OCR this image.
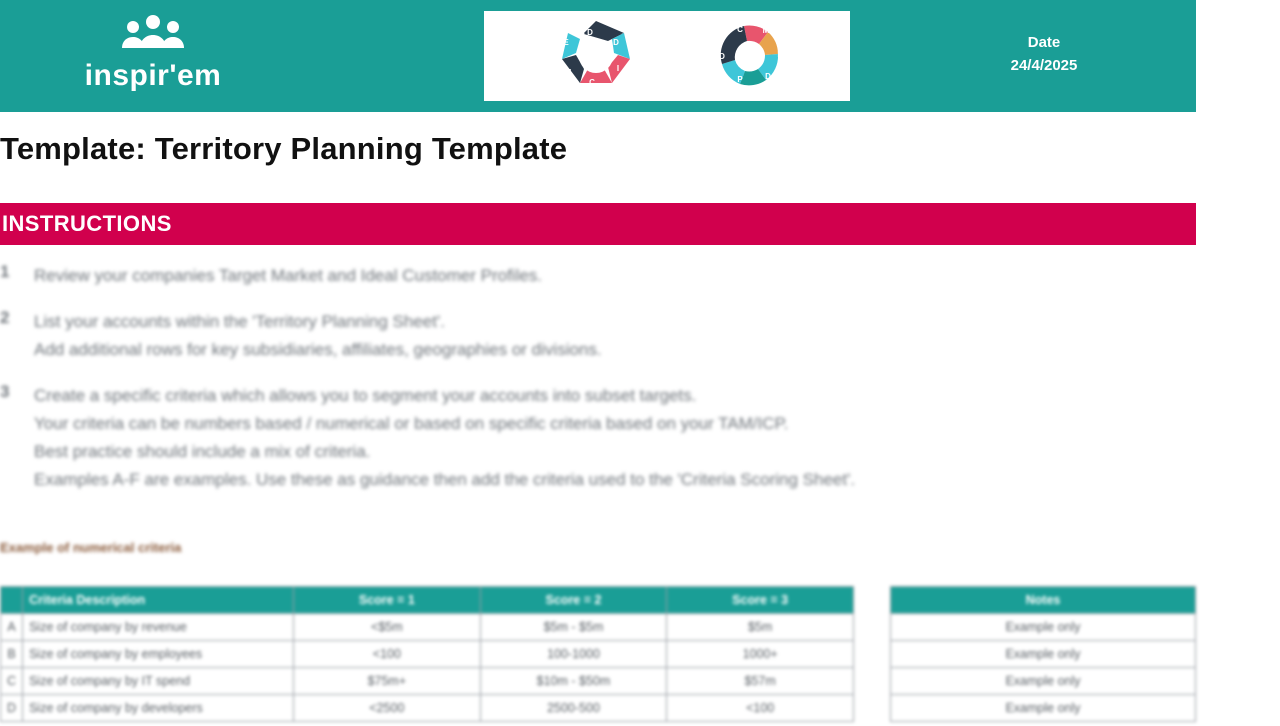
inspir'em
D
D
I
C
M
E
C M
E
D
P
D
Date
24/4/2025
Template: Territory Planning Template
INSTRUCTIONS
1	Review your companies Target Market and Ideal Customer Profiles.
2	List your accounts within the 'Territory Planning Sheet'.
Add additional rows for key subsidiaries, affiliates, geographies or divisions.
3	Create a specific criteria which allows you to segment your accounts into subset targets.
Your criteria can be numbers based / numerical or based on specific criteria based on your TAM/ICP.
Best practice should include a mix of criteria.
Examples A-F are examples. Use these as guidance then add the criteria used to the 'Criteria Scoring Sheet'.
Example of numerical criteria
	Criteria Description	Score = 1	Score = 2	Score = 3
A	Size of company by revenue	<$5m	$5m - $5m	$5m
B	Size of company by employees	<100	100-1000	1000+
C	Size of company by IT spend	$75m+	$10m - $50m	$57m
D	Size of company by developers	<2500	2500-500	<100
Notes
Example only
Example only
Example only
Example only
